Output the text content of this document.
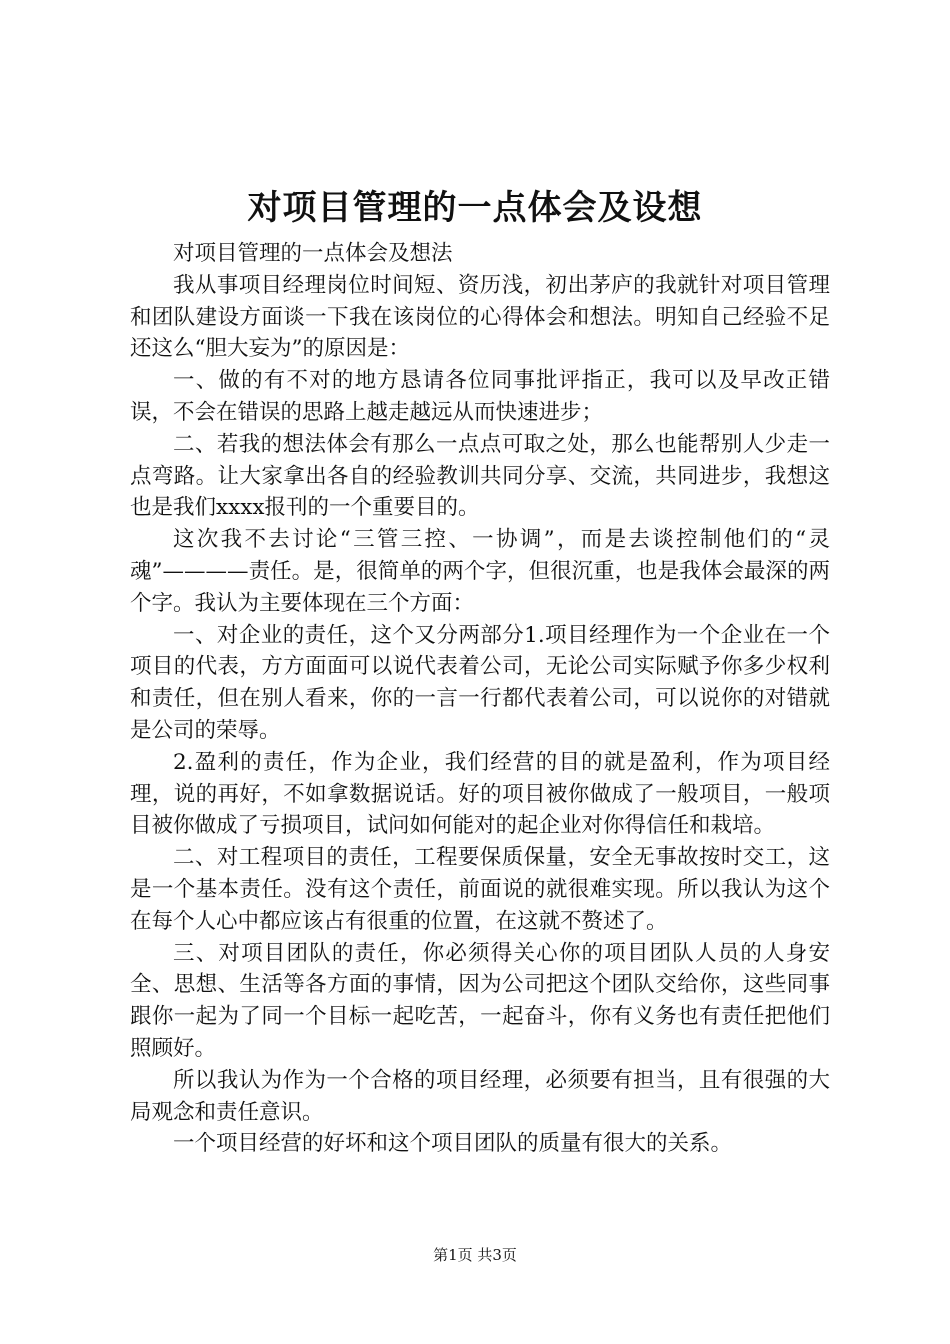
对项目管理的一点体会及设想

对项目管理的一点体会及想法

我从事项目经理岗位时间短、资历浅，初出茅庐的我就针对项目管理和团队建设方面谈一下我在该岗位的心得体会和想法。明知自己经验不足还这么“胆大妄为”的原因是：

一、做的有不对的地方恳请各位同事批评指正，我可以及早改正错误，不会在错误的思路上越走越远从而快速进步；

二、若我的想法体会有那么一点点可取之处，那么也能帮别人少走一点弯路。让大家拿出各自的经验教训共同分享、交流，共同进步，我想这也是我们xxxx报刊的一个重要目的。

这次我不去讨论“三管三控、一协调”，而是去谈控制他们的“灵魂”————责任。是，很简单的两个字，但很沉重，也是我体会最深的两个字。我认为主要体现在三个方面：

一、对企业的责任，这个又分两部分1.项目经理作为一个企业在一个项目的代表，方方面面可以说代表着公司，无论公司实际赋予你多少权利和责任，但在别人看来，你的一言一行都代表着公司，可以说你的对错就是公司的荣辱。

2.盈利的责任，作为企业，我们经营的目的就是盈利，作为项目经理，说的再好，不如拿数据说话。好的项目被你做成了一般项目，一般项目被你做成了亏损项目，试问如何能对的起企业对你得信任和栽培。

二、对工程项目的责任，工程要保质保量，安全无事故按时交工，这是一个基本责任。没有这个责任，前面说的就很难实现。所以我认为这个在每个人心中都应该占有很重的位置，在这就不赘述了。

三、对项目团队的责任，你必须得关心你的项目团队人员的人身安全、思想、生活等各方面的事情，因为公司把这个团队交给你，这些同事跟你一起为了同一个目标一起吃苦，一起奋斗，你有义务也有责任把他们照顾好。

所以我认为作为一个合格的项目经理，必须要有担当，且有很强的大局观念和责任意识。

一个项目经营的好坏和这个项目团队的质量有很大的关系。

第1页 共3页
